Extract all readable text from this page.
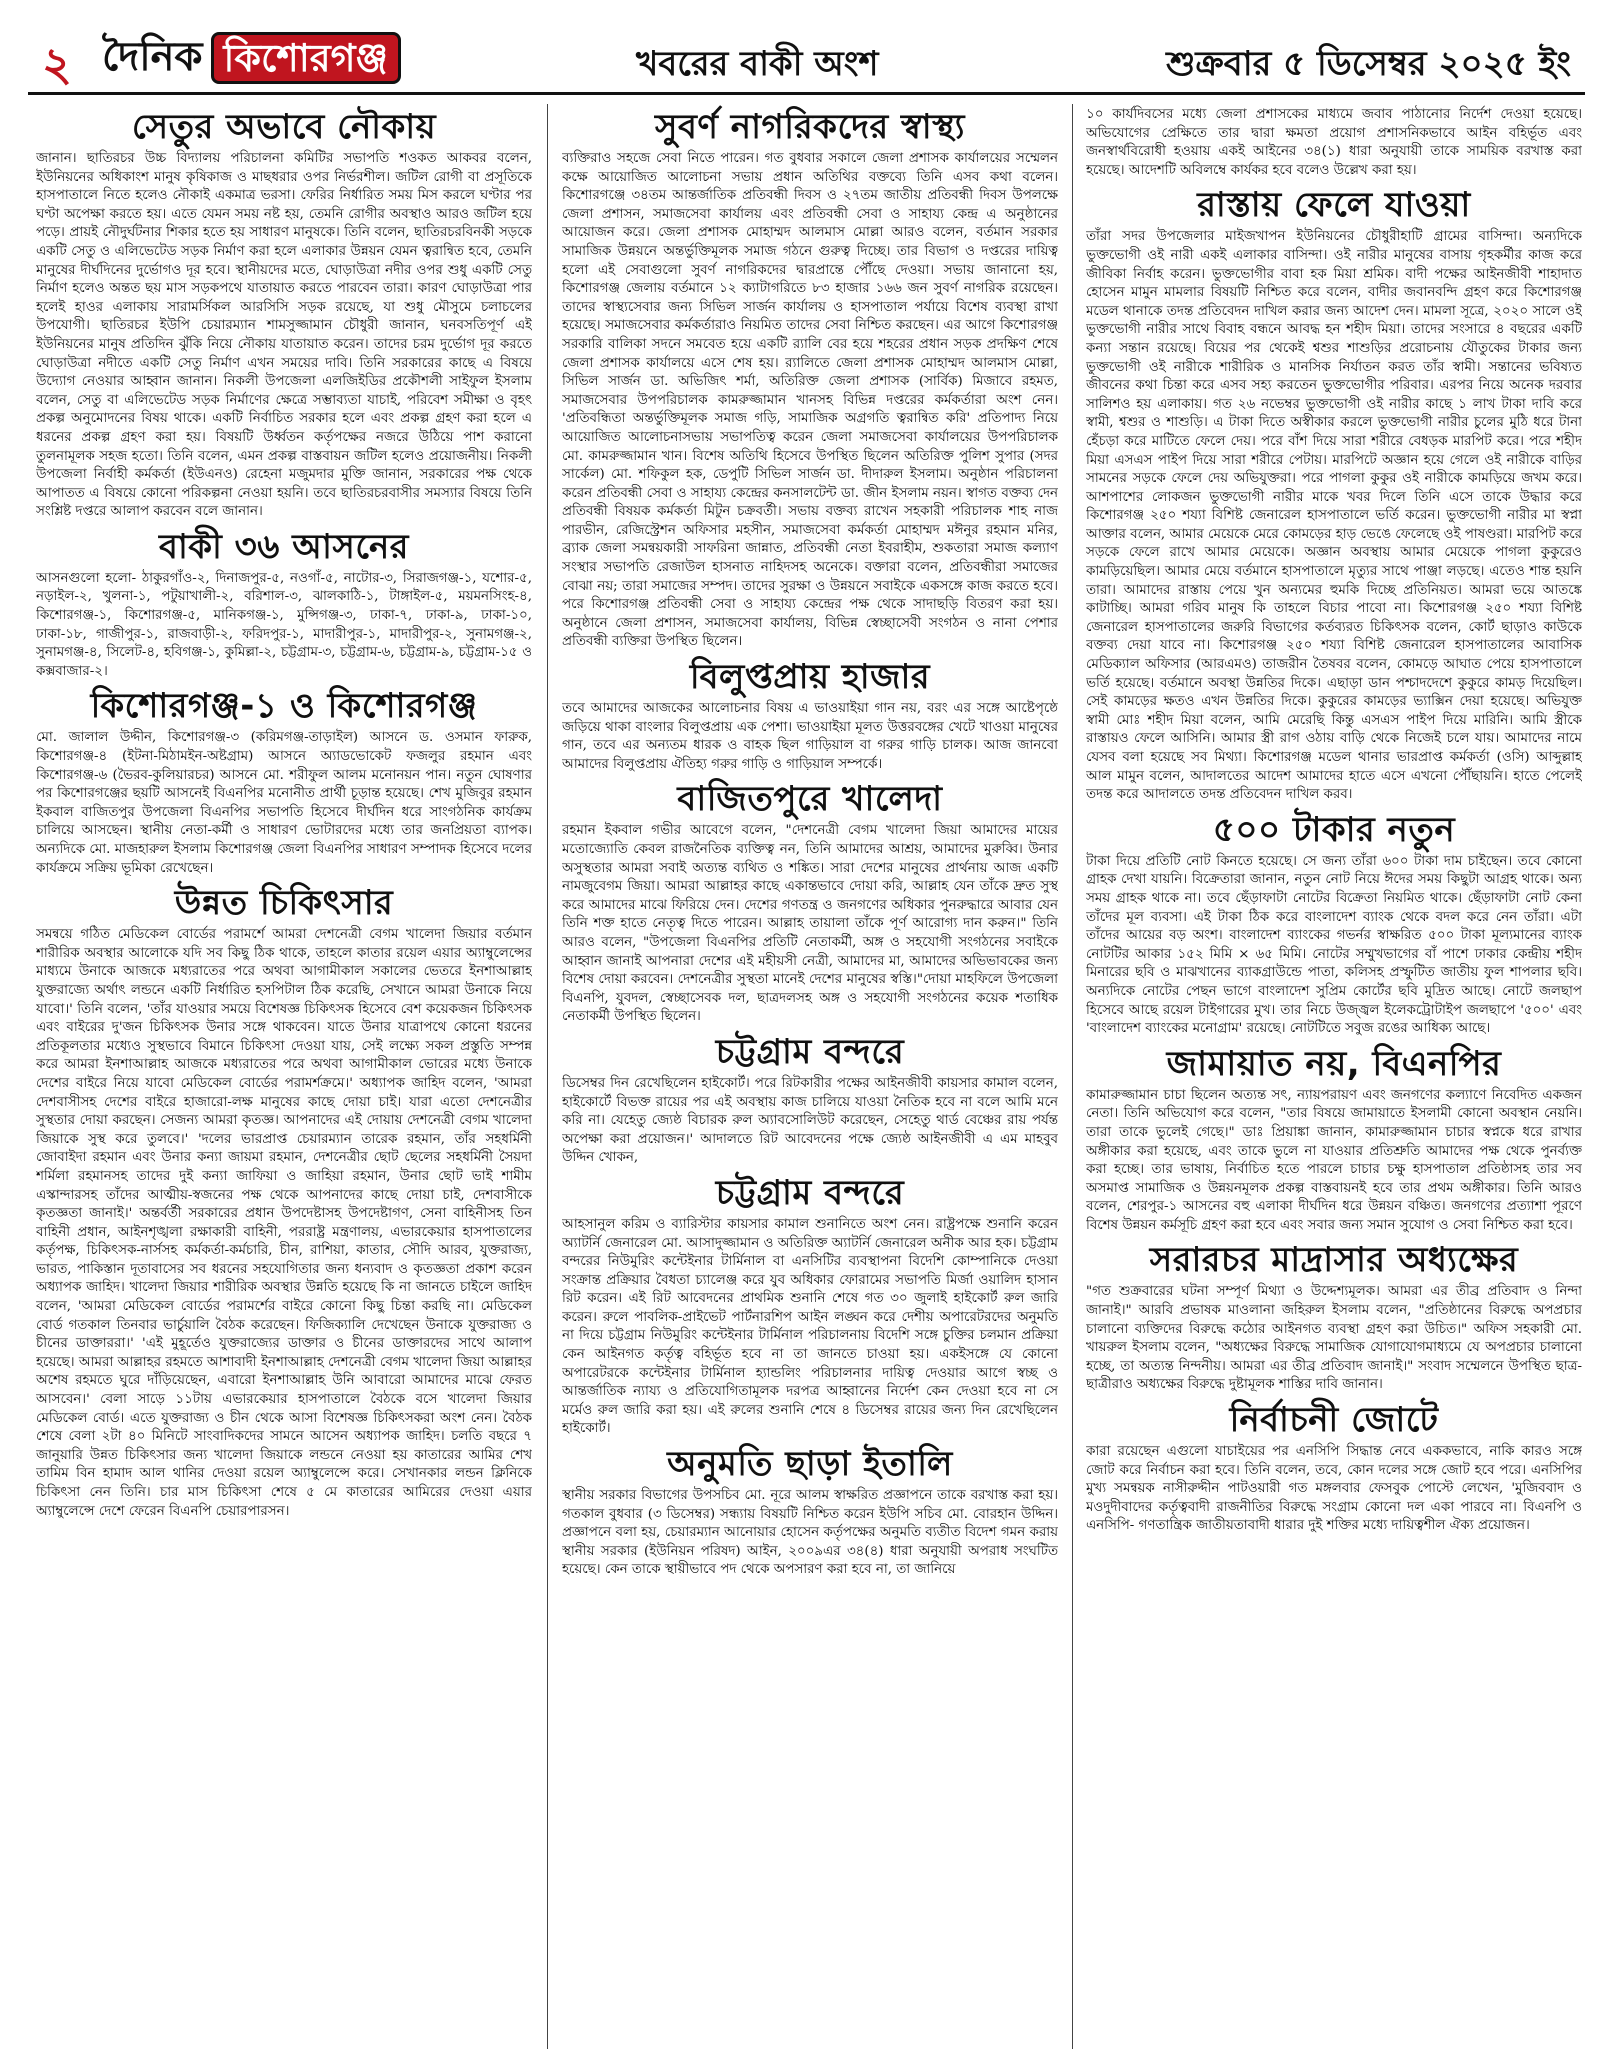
২ দৈনিক কিশোরগঞ্জ	খবরের বাকী অংশ	শুক্রবার ৫ ডিসেম্বর ২০২৫ ইং
সেতুর অভাবে নৌকায়
জানান। ছাতিরচর উচ্চ বিদ্যালয় পরিচালনা কমিটির সভাপতি শওকত আকবর বলেন, ইউনিয়নের অধিকাংশ মানুষ কৃষিকাজ ও মাছধরার ওপর নির্ভরশীল। জটিল রোগী বা প্রসূতিকে হাসপাতালে নিতে হলেও নৌকাই একমাত্র ভরসা। ফেরির নির্ধারিত সময় মিস করলে ঘণ্টার পর ঘণ্টা অপেক্ষা করতে হয়। এতে যেমন সময় নষ্ট হয়, তেমনি রোগীর অবস্থাও আরও জটিল হয়ে পড়ে। প্রায়ই নৌদুর্ঘটনার শিকার হতে হয় সাধারণ মানুষকে। তিনি বলেন, ছাতিরচরবিনকী সড়কে একটি সেতু ও এলিভেটেড সড়ক নির্মাণ করা হলে এলাকার উন্নয়ন যেমন ত্বরান্বিত হবে, তেমনি মানুষের দীর্ঘদিনের দুর্ভোগও দূর হবে। স্থানীয়দের মতে, ঘোড়াউত্রা নদীর ওপর শুধু একটি সেতু নির্মাণ হলেও অন্তত ছয় মাস সড়কপথে যাতায়াত করতে পারবেন তারা। কারণ ঘোড়াউত্রা পার হলেই হাওর এলাকায় সারামর্সিকল আরসিসি সড়ক রয়েছে, যা শুধু মৌসুমে চলাচলের উপযোগী। ছাতিরচর ইউপি চেয়ারম্যান শামসুজ্জামান চৌধুরী জানান, ঘনবসতিপূর্ণ এই ইউনিয়নের মানুষ প্রতিদিন ঝুঁকি নিয়ে নৌকায় যাতায়াত করেন। তাদের চরম দুর্ভোগ দূর করতে ঘোড়াউত্রা নদীতে একটি সেতু নির্মাণ এখন সময়ের দাবি। তিনি সরকারের কাছে এ বিষয়ে উদ্যোগ নেওয়ার আহ্বান জানান। নিকলী উপজেলা এলজিইডির প্রকৌশলী সাইফুল ইসলাম বলেন, সেতু বা এলিভেটেড সড়ক নির্মাণের ক্ষেত্রে সম্ভাব্যতা যাচাই, পরিবেশ সমীক্ষা ও বৃহৎ প্রকল্প অনুমোদনের বিষয় থাকে। একটি নির্বাচিত সরকার হলে এবং প্রকল্প গ্রহণ করা হলে এ ধরনের প্রকল্প গ্রহণ করা হয়। বিষয়টি উর্ধ্বতন কর্তৃপক্ষের নজরে উঠিয়ে পাশ করানো তুলনামূলক সহজ হতো। তিনি বলেন, এমন প্রকল্প বাস্তবায়ন জটিল হলেও প্রয়োজনীয়। নিকলী উপজেলা নির্বাহী কর্মকর্তা (ইউএনও) রেহেনা মজুমদার মুক্তি জানান, সরকারের পক্ষ থেকে আপাতত এ বিষয়ে কোনো পরিকল্পনা নেওয়া হয়নি। তবে ছাতিরচরবাসীর সমস্যার বিষয়ে তিনি সংশ্লিষ্ট দপ্তরে আলাপ করবেন বলে জানান।
বাকী ৩৬ আসনের
আসনগুলো হলো- ঠাকুরগাঁও-২, দিনাজপুর-৫, নওগাঁ-৫, নাটোর-৩, সিরাজগঞ্জ-১, যশোর-৫, নড়াইল-২, খুলনা-১, পটুয়াখালী-২, বরিশাল-৩, ঝালকাঠি-১, টাঙ্গাইল-৫, ময়মনসিংহ-৪, কিশোরগঞ্জ-১, কিশোরগঞ্জ-৫, মানিকগঞ্জ-১, মুন্সিগঞ্জ-৩, ঢাকা-৭, ঢাকা-৯, ঢাকা-১০, ঢাকা-১৮, গাজীপুর-১, রাজবাড়ী-২, ফরিদপুর-১, মাদারীপুর-১, মাদারীপুর-২, সুনামগঞ্জ-২, সুনামগঞ্জ-৪, সিলেট-৪, হবিগঞ্জ-১, কুমিল্লা-২, চট্টগ্রাম-৩, চট্টগ্রাম-৬, চট্টগ্রাম-৯, চট্টগ্রাম-১৫ ও কক্সবাজার-২।
কিশোরগঞ্জ-১ ও কিশোরগঞ্জ
মো. জালাল উদ্দীন, কিশোরগঞ্জ-৩ (করিমগঞ্জ-তাড়াইল) আসনে ড. ওসমান ফারুক, কিশোরগঞ্জ-৪ (ইটনা-মিঠামইন-অষ্টগ্রাম) আসনে অ্যাডভোকেট ফজলুর রহমান এবং কিশোরগঞ্জ-৬ (ভৈরব-কুলিয়ারচর) আসনে মো. শরীফুল আলম মনোনয়ন পান। নতুন ঘোষণার পর কিশোরগঞ্জের ছয়টি আসনেই বিএনপির মনোনীত প্রার্থী চূড়ান্ত হয়েছে। শেখ মুজিবুর রহমান ইকবাল বাজিতপুর উপজেলা বিএনপির সভাপতি হিসেবে দীর্ঘদিন ধরে সাংগঠনিক কার্যক্রম চালিয়ে আসছেন। স্থানীয় নেতা-কর্মী ও সাধারণ ভোটারদের মধ্যে তার জনপ্রিয়তা ব্যাপক। অন্যদিকে মো. মাজহারুল ইসলাম কিশোরগঞ্জ জেলা বিএনপির সাধারণ সম্পাদক হিসেবে দলের কার্যক্রমে সক্রিয় ভূমিকা রেখেছেন।
উন্নত চিকিৎসার
সমন্বয়ে গঠিত মেডিকেল বোর্ডের পরামর্শে আমরা দেশনেত্রী বেগম খালেদা জিয়ার বর্তমান শারীরিক অবস্থার আলোকে যদি সব কিছু ঠিক থাকে, তাহলে কাতার রয়েল এয়ার অ্যাম্বুলেন্সের মাধ্যমে উনাকে আজকে মধ্যরাতের পরে অথবা আগামীকাল সকালের ভেতরে ইনশাআল্লাহ যুক্তরাজ্যে অর্থাৎ লন্ডনে একটি নির্ধারিত হসপিটাল ঠিক করেছি, সেখানে আমরা উনাকে নিয়ে যাবো।' তিনি বলেন, 'তাঁর যাওয়ার সময়ে বিশেষজ্ঞ চিকিৎসক হিসেবে বেশ কয়েকজন চিকিৎসক এবং বাইরের দু'জন চিকিৎসক উনার সঙ্গে থাকবেন। যাতে উনার যাত্রাপথে কোনো ধরনের প্রতিকূলতার মধ্যেও সুস্থভাবে বিমানে চিকিৎসা দেওয়া যায়, সেই লক্ষ্যে সকল প্রস্তুতি সম্পন্ন করে আমরা ইনশাআল্লাহ আজকে মধ্যরাতের পরে অথবা আগামীকাল ভোরের মধ্যে উনাকে দেশের বাইরে নিয়ে যাবো মেডিকেল বোর্ডের পরামর্শক্রমে।' অধ্যাপক জাহিদ বলেন, 'আমরা দেশবাসীসহ দেশের বাইরে হাজারো-লক্ষ মানুষের কাছে দোয়া চাই। যারা এতো দেশনেত্রীর সুস্থতার দোয়া করছেন। সেজন্য আমরা কৃতজ্ঞ। আপনাদের এই দোয়ায় দেশনেত্রী বেগম খালেদা জিয়াকে সুস্থ করে তুলবে।' 'দলের ভারপ্রাপ্ত চেয়ারম্যান তারেক রহমান, তাঁর সহধর্মিনী জোবাইদা রহমান এবং উনার কন্যা জায়মা রহমান, দেশনেত্রীর ছোট ছেলের সহধর্মিনী সৈয়দা শর্মিলা রহমানসহ তাদের দুই কন্যা জাফিয়া ও জাহিয়া রহমান, উনার ছোট ভাই শামীম এস্কান্দারসহ তাঁদের আত্মীয়-স্বজনের পক্ষ থেকে আপনাদের কাছে দোয়া চাই, দেশবাসীকে কৃতজ্ঞতা জানাই।' অন্তর্বর্তী সরকারের প্রধান উপদেষ্টাসহ উপদেষ্টাগণ, সেনা বাহিনীসহ তিন বাহিনী প্রধান, আইনশৃঙ্খলা রক্ষাকারী বাহিনী, পররাষ্ট্র মন্ত্রণালয়, এভারকেয়ার হাসপাতালের কর্তৃপক্ষ, চিকিৎসক-নার্সসহ কর্মকর্তা-কর্মচারি, চীন, রাশিয়া, কাতার, সৌদি আরব, যুক্তরাজ্য, ভারত, পাকিস্তান দূতাবাসের সব ধরনের সহযোগিতার জন্য ধন্যবাদ ও কৃতজ্ঞতা প্রকাশ করেন অধ্যাপক জাহিদ। খালেদা জিয়ার শারীরিক অবস্থার উন্নতি হয়েছে কি না জানতে চাইলে জাহিদ বলেন, 'আমরা মেডিকেল বোর্ডের পরামর্শের বাইরে কোনো কিছু চিন্তা করছি না। মেডিকেল বোর্ড গতকাল তিনবার ভার্চুয়ালি বৈঠক করেছেন। ফিজিক্যালি দেখেছেন উনাকে যুক্তরাজ্য ও চীনের ডাক্তাররা।' 'এই মুহূর্তেও যুক্তরাজ্যের ডাক্তার ও চীনের ডাক্তারদের সাথে আলাপ হয়েছে। আমরা আল্লাহর রহমতে আশাবাদী ইনশাআল্লাহ দেশনেত্রী বেগম খালেদা জিয়া আল্লাহর অশেষ রহমতে ঘুরে দাঁড়িয়েছেন, এবারো ইনশাআল্লাহ উনি আবারো আমাদের মাঝে ফেরত আসবেন।' বেলা সাড়ে ১১টায় এভারকেয়ার হাসপাতালে বৈঠকে বসে খালেদা জিয়ার মেডিকেল বোর্ড। এতে যুক্তরাজ্য ও চীন থেকে আসা বিশেষজ্ঞ চিকিৎসকরা অংশ নেন। বৈঠক শেষে বেলা ২টা ৪০ মিনিটে সাংবাদিকদের সামনে আসেন অধ্যাপক জাহিদ। চলতি বছরে ৭ জানুয়ারি উন্নত চিকিৎসার জন্য খালেদা জিয়াকে লন্ডনে নেওয়া হয় কাতারের আমির শেখ তামিম বিন হামাদ আল থানির দেওয়া রয়েল অ্যাম্বুলেন্সে করে। সেখানকার লন্ডন ক্লিনিকে চিকিৎসা নেন তিনি। চার মাস চিকিৎসা শেষে ৫ মে কাতারের আমিরের দেওয়া এয়ার অ্যাম্বুলেন্সে দেশে ফেরেন বিএনপি চেয়ারপারসন।
সুবর্ণ নাগরিকদের স্বাস্থ্য
ব্যক্তিরাও সহজে সেবা নিতে পারেন। গত বুধবার সকালে জেলা প্রশাসক কার্যালয়ের সম্মেলন কক্ষে আয়োজিত আলোচনা সভায় প্রধান অতিথির বক্তব্যে তিনি এসব কথা বলেন। কিশোরগঞ্জে ৩৪তম আন্তর্জাতিক প্রতিবন্ধী দিবস ও ২৭তম জাতীয় প্রতিবন্ধী দিবস উপলক্ষে জেলা প্রশাসন, সমাজসেবা কার্যালয় এবং প্রতিবন্ধী সেবা ও সাহায্য কেন্দ্র এ অনুষ্ঠানের আয়োজন করে। জেলা প্রশাসক মোহাম্মদ আলমাস মোল্লা আরও বলেন, বর্তমান সরকার সামাজিক উন্নয়নে অন্তর্ভুক্তিমূলক সমাজ গঠনে গুরুত্ব দিচ্ছে। তার বিভাগ ও দপ্তরের দায়িত্ব হলো এই সেবাগুলো সুবর্ণ নাগরিকদের দ্বারপ্রান্তে পৌঁছে দেওয়া। সভায় জানানো হয়, কিশোরগঞ্জ জেলায় বর্তমানে ১২ ক্যাটাগরিতে ৮৩ হাজার ১৬৬ জন সুবর্ণ নাগরিক রয়েছেন। তাদের স্বাস্থ্যসেবার জন্য সিভিল সার্জন কার্যালয় ও হাসপাতাল পর্যায়ে বিশেষ ব্যবস্থা রাখা হয়েছে। সমাজসেবার কর্মকর্তারাও নিয়মিত তাদের সেবা নিশ্চিত করছেন। এর আগে কিশোরগঞ্জ সরকারি বালিকা সদনে সমবেত হয়ে একটি র‍্যালি বের হয়ে শহরের প্রধান সড়ক প্রদক্ষিণ শেষে জেলা প্রশাসক কার্যালয়ে এসে শেষ হয়। র‍্যালিতে জেলা প্রশাসক মোহাম্মদ আলমাস মোল্লা, সিভিল সার্জন ডা. অভিজিৎ শর্মা, অতিরিক্ত জেলা প্রশাসক (সার্বিক) মিজাবে রহমত, সমাজসেবার উপপরিচালক কামরুজ্জামান খানসহ বিভিন্ন দপ্তরের কর্মকর্তারা অংশ নেন। 'প্রতিবন্ধিতা অন্তর্ভুক্তিমূলক সমাজ গড়ি, সামাজিক অগ্রগতি ত্বরান্বিত করি' প্রতিপাদ্য নিয়ে আয়োজিত আলোচনাসভায় সভাপতিত্ব করেন জেলা সমাজসেবা কার্যালয়ের উপপরিচালক মো. কামরুজ্জামান খান। বিশেষ অতিথি হিসেবে উপস্থিত ছিলেন অতিরিক্ত পুলিশ সুপার (সদর সার্কেল) মো. শফিকুল হক, ডেপুটি সিভিল সার্জন ডা. দীদারুল ইসলাম। অনুষ্ঠান পরিচালনা করেন প্রতিবন্ধী সেবা ও সাহায্য কেন্দ্রের কনসালটেন্ট ডা. জীন ইসলাম নয়ন। স্বাগত বক্তব্য দেন প্রতিবন্ধী বিষয়ক কর্মকর্তা মিটুন চক্রবর্তী। সভায় বক্তব্য রাখেন সহকারী পরিচালক শাহ নাজ পারভীন, রেজিস্ট্রেশন অফিসার মহসীন, সমাজসেবা কর্মকর্তা মোহাম্মদ মঈনুর রহমান মনির, ব্র্যাক জেলা সমন্বয়কারী সাফরিনা জান্নাত, প্রতিবন্ধী নেতা ইবরাহীম, শুকতারা সমাজ কল্যাণ সংস্থার সভাপতি রেজাউল হাসনাত নাহিদসহ অনেকে। বক্তারা বলেন, প্রতিবন্ধীরা সমাজের বোঝা নয়; তারা সমাজের সম্পদ। তাদের সুরক্ষা ও উন্নয়নে সবাইকে একসঙ্গে কাজ করতে হবে। পরে কিশোরগঞ্জ প্রতিবন্ধী সেবা ও সাহায্য কেন্দ্রের পক্ষ থেকে সাদাছড়ি বিতরণ করা হয়। অনুষ্ঠানে জেলা প্রশাসন, সমাজসেবা কার্যালয়, বিভিন্ন স্বেচ্ছাসেবী সংগঠন ও নানা পেশার প্রতিবন্ধী ব্যক্তিরা উপস্থিত ছিলেন।
বিলুপ্তপ্রায় হাজার
তবে আমাদের আজকের আলোচনার বিষয় এ ভাওয়াইয়া গান নয়, বরং এর সঙ্গে আষ্টেপৃষ্ঠে জড়িয়ে থাকা বাংলার বিলুপ্তপ্রায় এক পেশা। ভাওয়াইয়া মূলত উত্তরবঙ্গের খেটে খাওয়া মানুষের গান, তবে এর অন্যতম ধারক ও বাহক ছিল গাড়িয়াল বা গরুর গাড়ি চালক। আজ জানবো আমাদের বিলুপ্তপ্রায় ঐতিহ্য গরুর গাড়ি ও গাড়িয়াল সম্পর্কে।
বাজিতপুরে খালেদা
রহমান ইকবাল গভীর আবেগে বলেন, "দেশনেত্রী বেগম খালেদা জিয়া আমাদের মায়ের মতোজ্যোতি কেবল রাজনৈতিক ব্যক্তিত্ব নন, তিনি আমাদের আশ্রয়, আমাদের মুরুব্বি। উনার অসুস্থতার আমরা সবাই অত্যন্ত ব্যথিত ও শঙ্কিত। সারা দেশের মানুষের প্রার্থনায় আজ একটি নামজুবেগম জিয়া। আমরা আল্লাহর কাছে একান্তভাবে দোয়া করি, আল্লাহ যেন তাঁকে দ্রুত সুস্থ করে আমাদের মাঝে ফিরিয়ে দেন। দেশের গণতন্ত্র ও জনগণের অধিকার পুনরুদ্ধারে আবার যেন তিনি শক্ত হাতে নেতৃত্ব দিতে পারেন। আল্লাহ তায়ালা তাঁকে পূর্ণ আরোগ্য দান করুন।" তিনি আরও বলেন, "উপজেলা বিএনপির প্রতিটি নেতাকর্মী, অঙ্গ ও সহযোগী সংগঠনের সবাইকে আহ্বান জানাই আপনারা দেশের এই মহীয়সী নেত্রী, আমাদের মা, আমাদের অভিভাবকের জন্য বিশেষ দোয়া করবেন। দেশনেত্রীর সুস্থতা মানেই দেশের মানুষের স্বস্তি।"দোয়া মাহফিলে উপজেলা বিএনপি, যুবদল, স্বেচ্ছাসেবক দল, ছাত্রদলসহ অঙ্গ ও সহযোগী সংগঠনের কয়েক শতাধিক নেতাকর্মী উপস্থিত ছিলেন।
চট্টগ্রাম বন্দরে
ডিসেম্বর দিন রেখেছিলেন হাইকোর্ট। পরে রিটকারীর পক্ষের আইনজীবী কায়সার কামাল বলেন, হাইকোর্টে বিভক্ত রায়ের পর এই অবস্থায় কাজ চালিয়ে যাওয়া নৈতিক হবে না বলে আমি মনে করি না। যেহেতু জ্যেষ্ঠ বিচারক রুল অ্যাবসোলিউট করেছেন, সেহেতু থার্ড বেঞ্চের রায় পর্যন্ত অপেক্ষা করা প্রয়োজন।' আদালতে রিট আবেদনের পক্ষে জ্যেষ্ঠ আইনজীবী এ এম মাহবুব উদ্দিন খোকন,
চট্টগ্রাম বন্দরে
আহসানুল করিম ও ব্যারিস্টার কায়সার কামাল শুনানিতে অংশ নেন। রাষ্ট্রপক্ষে শুনানি করেন অ্যাটর্নি জেনারেল মো. আসাদুজ্জামান ও অতিরিক্ত অ্যাটর্নি জেনারেল অনীক আর হক। চট্টগ্রাম বন্দরের নিউমুরিং কন্টেইনার টার্মিনাল বা এনসিটির ব্যবস্থাপনা বিদেশি কোম্পানিকে দেওয়া সংক্রান্ত প্রক্রিয়ার বৈধতা চ্যালেঞ্জ করে যুব অধিকার ফোরামের সভাপতি মির্জা ওয়ালিদ হাসান রিট করেন। এই রিট আবেদনের প্রাথমিক শুনানি শেষে গত ৩০ জুলাই হাইকোর্ট রুল জারি করেন। রুলে পাবলিক-প্রাইভেট পার্টনারশিপ আইন লঙ্ঘন করে দেশীয় অপারেটরদের অনুমতি না দিয়ে চট্টগ্রাম নিউমুরিং কন্টেইনার টার্মিনাল পরিচালনায় বিদেশি সঙ্গে চুক্তির চলমান প্রক্রিয়া কেন আইনগত কর্তৃত্ব বহির্ভূত হবে না তা জানতে চাওয়া হয়। একইসঙ্গে যে কোনো অপারেটরকে কন্টেইনার টার্মিনাল হ্যান্ডলিং পরিচালনার দায়িত্ব দেওয়ার আগে স্বচ্ছ ও আন্তর্জাতিক ন্যায্য ও প্রতিযোগিতামূলক দরপত্র আহ্বানের নির্দেশ কেন দেওয়া হবে না সে মর্মেও রুল জারি করা হয়। এই রুলের শুনানি শেষে ৪ ডিসেম্বর রায়ের জন্য দিন রেখেছিলেন হাইকোর্ট।
অনুমতি ছাড়া ইতালি
স্থানীয় সরকার বিভাগের উপসচিব মো. নূরে আলম স্বাক্ষরিত প্রজ্ঞাপনে তাকে বরখাস্ত করা হয়। গতকাল বুধবার (৩ ডিসেম্বর) সন্ধ্যায় বিষয়টি নিশ্চিত করেন ইউপি সচিব মো. বোরহান উদ্দিন। প্রজ্ঞাপনে বলা হয়, চেয়ারম্যান আনোয়ার হোসেন কর্তৃপক্ষের অনুমতি ব্যতীত বিদেশ গমন করায় স্থানীয় সরকার (ইউনিয়ন পরিষদ) আইন, ২০০৯এর ৩৪(৪) ধারা অনুযায়ী অপরাধ সংঘটিত হয়েছে। কেন তাকে স্থায়ীভাবে পদ থেকে অপসারণ করা হবে না, তা জানিয়ে
১০ কার্যদিবসের মধ্যে জেলা প্রশাসকের মাধ্যমে জবাব পাঠানোর নির্দেশ দেওয়া হয়েছে। অভিযোগের প্রেক্ষিতে তার দ্বারা ক্ষমতা প্রয়োগ প্রশাসনিকভাবে আইন বহির্ভূত এবং জনস্বার্থবিরোধী হওয়ায় একই আইনের ৩৪(১) ধারা অনুযায়ী তাকে সাময়িক বরখাস্ত করা হয়েছে। আদেশটি অবিলম্বে কার্যকর হবে বলেও উল্লেখ করা হয়।
রাস্তায় ফেলে যাওয়া
তাঁরা সদর উপজেলার মাইজখাপন ইউনিয়নের চৌধুরীহাটি গ্রামের বাসিন্দা। অন্যদিকে ভুক্তভোগী ওই নারী একই এলাকার বাসিন্দা। ওই নারীর মানুষের বাসায় গৃহকর্মীর কাজ করে জীবিকা নির্বাহ করেন। ভুক্তভোগীর বাবা হক মিয়া শ্রমিক। বাদী পক্ষের আইনজীবী শাহাদাত হোসেন মামুন মামলার বিষয়টি নিশ্চিত করে বলেন, বাদীর জবানবন্দি গ্রহণ করে কিশোরগঞ্জ মডেল থানাকে তদন্ত প্রতিবেদন দাখিল করার জন্য আদেশ দেন। মামলা সূত্রে, ২০২০ সালে ওই ভুক্তভোগী নারীর সাথে বিবাহ বন্ধনে আবদ্ধ হন শহীদ মিয়া। তাদের সংসারে ৪ বছরের একটি কন্যা সন্তান রয়েছে। বিয়ের পর থেকেই শ্বশুর শাশুড়ির প্ররোচনায় যৌতুকের টাকার জন্য ভুক্তভোগী ওই নারীকে শারীরিক ও মানসিক নির্যাতন করত তাঁর স্বামী। সন্তানের ভবিষ্যত জীবনের কথা চিন্তা করে এসব সহ্য করতেন ভুক্তভোগীর পরিবার। এরপর নিয়ে অনেক দরবার সালিশও হয় এলাকায়। গত ২৬ নভেম্বর ভুক্তভোগী ওই নারীর কাছে ১ লাখ টাকা দাবি করে স্বামী, শ্বশুর ও শাশুড়ি। এ টাকা দিতে অস্বীকার করলে ভুক্তভোগী নারীর চুলের মুঠি ধরে টানা হেঁচড়া করে মাটিতে ফেলে দেয়। পরে বাঁশ দিয়ে সারা শরীরে বেধড়ক মারপিট করে। পরে শহীদ মিয়া এসএস পাইপ দিয়ে সারা শরীরে পেটায়। মারপিটে অজ্ঞান হয়ে গেলে ওই নারীকে বাড়ির সামনের সড়কে ফেলে দেয় অভিযুক্তরা। পরে পাগলা কুকুর ওই নারীকে কামড়িয়ে জখম করে। আশপাশের লোকজন ভুক্তভোগী নারীর মাকে খবর দিলে তিনি এসে তাকে উদ্ধার করে কিশোরগঞ্জ ২৫০ শয্যা বিশিষ্ট জেনারেল হাসপাতালে ভর্তি করেন। ভুক্তভোগী নারীর মা স্বপ্না আক্তার বলেন, আমার মেয়েকে মেরে কোমড়ের হাড় ভেঙে ফেলেছে ওই পাষণ্ডরা। মারপিট করে সড়কে ফেলে রাখে আমার মেয়েকে। অজ্ঞান অবস্থায় আমার মেয়েকে পাগলা কুকুরেও কামড়িয়েছিল। আমার মেয়ে বর্তমানে হাসপাতালে মৃত্যুর সাথে পাঞ্জা লড়ছে। এতেও শান্ত হয়নি তারা। আমাদের রাস্তায় পেয়ে খুন অন্যমের হুমকি দিচ্ছে প্রতিনিয়ত। আমরা ভয়ে আতঙ্কে কাটাচ্ছি। আমরা গরিব মানুষ কি তাহলে বিচার পাবো না। কিশোরগঞ্জ ২৫০ শয্যা বিশিষ্ট জেনারেল হাসপাতালের জরুরি বিভাগের কর্তব্যরত চিকিৎসক বলেন, কোর্ট ছাড়াও কাউকে বক্তব্য দেয়া যাবে না। কিশোরগঞ্জ ২৫০ শয্যা বিশিষ্ট জেনারেল হাসপাতালের আবাসিক মেডিক্যাল অফিসার (আরএমও) তাজরীন তৈষবর বলেন, কোমড়ে আঘাত পেয়ে হাসপাতালে ভর্তি হয়েছে। বর্তমানে অবস্থা উন্নতির দিকে। এছাড়া ডান পশ্চাদদেশে কুকুরে কামড় দিয়েছিল। সেই কামড়ের ক্ষতও এখন উন্নতির দিকে। কুকুরের কামড়ের ভ্যাক্সিন দেয়া হয়েছে। অভিযুক্ত স্বামী মোঃ শহীদ মিয়া বলেন, আমি মেরেছি কিন্তু এসএস পাইপ দিয়ে মারিনি। আমি স্ত্রীকে রাস্তায়ও ফেলে আসিনি। আমার স্ত্রী রাগ ওঠায় বাড়ি থেকে নিজেই চলে যায়। আমাদের নামে যেসব বলা হয়েছে সব মিথ্যা। কিশোরগঞ্জ মডেল থানার ভারপ্রাপ্ত কর্মকর্তা (ওসি) আব্দুল্লাহ আল মামুন বলেন, আদালতের আদেশ আমাদের হাতে এসে এখনো পৌঁছায়নি। হাতে পেলেই তদন্ত করে আদালতে তদন্ত প্রতিবেদন দাখিল করব।
৫০০ টাকার নতুন
টাকা দিয়ে প্রতিটি নোট কিনতে হয়েছে। সে জন্য তাঁরা ৬০০ টাকা দাম চাইছেন। তবে কোনো গ্রাহক দেখা যায়নি। বিক্রেতারা জানান, নতুন নোট নিয়ে ঈদের সময় কিছুটা আগ্রহ থাকে। অন্য সময় গ্রাহক থাকে না। তবে ছেঁড়াফাটা নোটের বিক্রেতা নিয়মিত থাকে। ছেঁড়াফাটা নোট কেনা তাঁদের মূল ব্যবসা। এই টাকা ঠিক করে বাংলাদেশ ব্যাংক থেকে বদল করে নেন তাঁরা। এটা তাঁদের আয়ের বড় অংশ। বাংলাদেশ ব্যাংকের গভর্নর স্বাক্ষরিত ৫০০ টাকা মূল্যমানের ব্যাংক নোটটির আকার ১৫২ মিমি × ৬৫ মিমি। নোটের সম্মুখভাগের বাঁ পাশে ঢাকার কেন্দ্রীয় শহীদ মিনারের ছবি ও মাঝখানের ব্যাকগ্রাউন্ডে পাতা, কলিসহ প্রস্ফুটিত জাতীয় ফুল শাপলার ছবি। অন্যদিকে নোটের পেছন ভাগে বাংলাদেশ সুপ্রিম কোর্টের ছবি মুদ্রিত আছে। নোটে জলছাপ হিসেবে আছে রয়েল টাইগারের মুখ। তার নিচে উজ্জ্বল ইলেকট্রোটাইপ জলছাপে '৫০০' এবং 'বাংলাদেশ ব্যাংকের মনোগ্রাম' রয়েছে। নোটটিতে সবুজ রঙের আধিক্য আছে।
জামায়াত নয়, বিএনপির
কামারুজ্জামান চাচা ছিলেন অত্যন্ত সৎ, ন্যায়পরায়ণ এবং জনগণের কল্যাণে নিবেদিত একজন নেতা। তিনি অভিযোগ করে বলেন, "তার বিষয়ে জামায়াতে ইসলামী কোনো অবস্থান নেয়নি। তারা তাকে ভুলেই গেছে।" ডাঃ প্রিয়াঙ্কা জানান, কামারুজ্জামান চাচার স্বপ্নকে ধরে রাখার অঙ্গীকার করা হয়েছে, এবং তাকে ভুলে না যাওয়ার প্রতিশ্রুতি আমাদের পক্ষ থেকে পুনর্ব্যক্ত করা হচ্ছে। তার ভাষায়, নির্বাচিত হতে পারলে চাচার চক্ষু হাসপাতাল প্রতিষ্ঠাসহ তার সব অসমাপ্ত সামাজিক ও উন্নয়নমূলক প্রকল্প বাস্তবায়নই হবে তার প্রথম অঙ্গীকার। তিনি আরও বলেন, শেরপুর-১ আসনের বহু এলাকা দীর্ঘদিন ধরে উন্নয়ন বঞ্চিত। জনগণের প্রত্যাশা পূরণে বিশেষ উন্নয়ন কর্মসূচি গ্রহণ করা হবে এবং সবার জন্য সমান সুযোগ ও সেবা নিশ্চিত করা হবে।
সরারচর মাদ্রাসার অধ্যক্ষের
"গত শুক্রবারের ঘটনা সম্পূর্ণ মিথ্যা ও উদ্দেশ্যমূলক। আমরা এর তীব্র প্রতিবাদ ও নিন্দা জানাই।" আরবি প্রভাষক মাওলানা জহিরুল ইসলাম বলেন, "প্রতিষ্ঠানের বিরুদ্ধে অপপ্রচার চালানো ব্যক্তিদের বিরুদ্ধে কঠোর আইনগত ব্যবস্থা গ্রহণ করা উচিত।" অফিস সহকারী মো. খায়রুল ইসলাম বলেন, "অধ্যক্ষের বিরুদ্ধে সামাজিক যোগাযোগমাধ্যমে যে অপপ্রচার চালানো হচ্ছে, তা অত্যন্ত নিন্দনীয়। আমরা এর তীব্র প্রতিবাদ জানাই।" সংবাদ সম্মেলনে উপস্থিত ছাত্র-ছাত্রীরাও অধ্যক্ষের বিরুদ্ধে দুষ্টামূলক শাস্তির দাবি জানান।
নির্বাচনী জোটে
কারা রয়েছেন এগুলো যাচাইয়ের পর এনসিপি সিদ্ধান্ত নেবে এককভাবে, নাকি কারও সঙ্গে জোট করে নির্বাচন করা হবে। তিনি বলেন, তবে, কোন দলের সঙ্গে জোট হবে পরে। এনসিপির মুখ্য সমন্বয়ক নাসীরুদ্দীন পাটওয়ারী গত মঙ্গলবার ফেসবুক পোস্টে লেখেন, 'মুজিববাদ ও মওদুদীবাদের কর্তৃত্ববাদী রাজনীতির বিরুদ্ধে সংগ্রাম কোনো দল একা পারবে না। বিএনপি ও এনসিপি- গণতান্ত্রিক জাতীয়তাবাদী ধারার দুই শক্তির মধ্যে দায়িত্বশীল ঐক্য প্রয়োজন।
